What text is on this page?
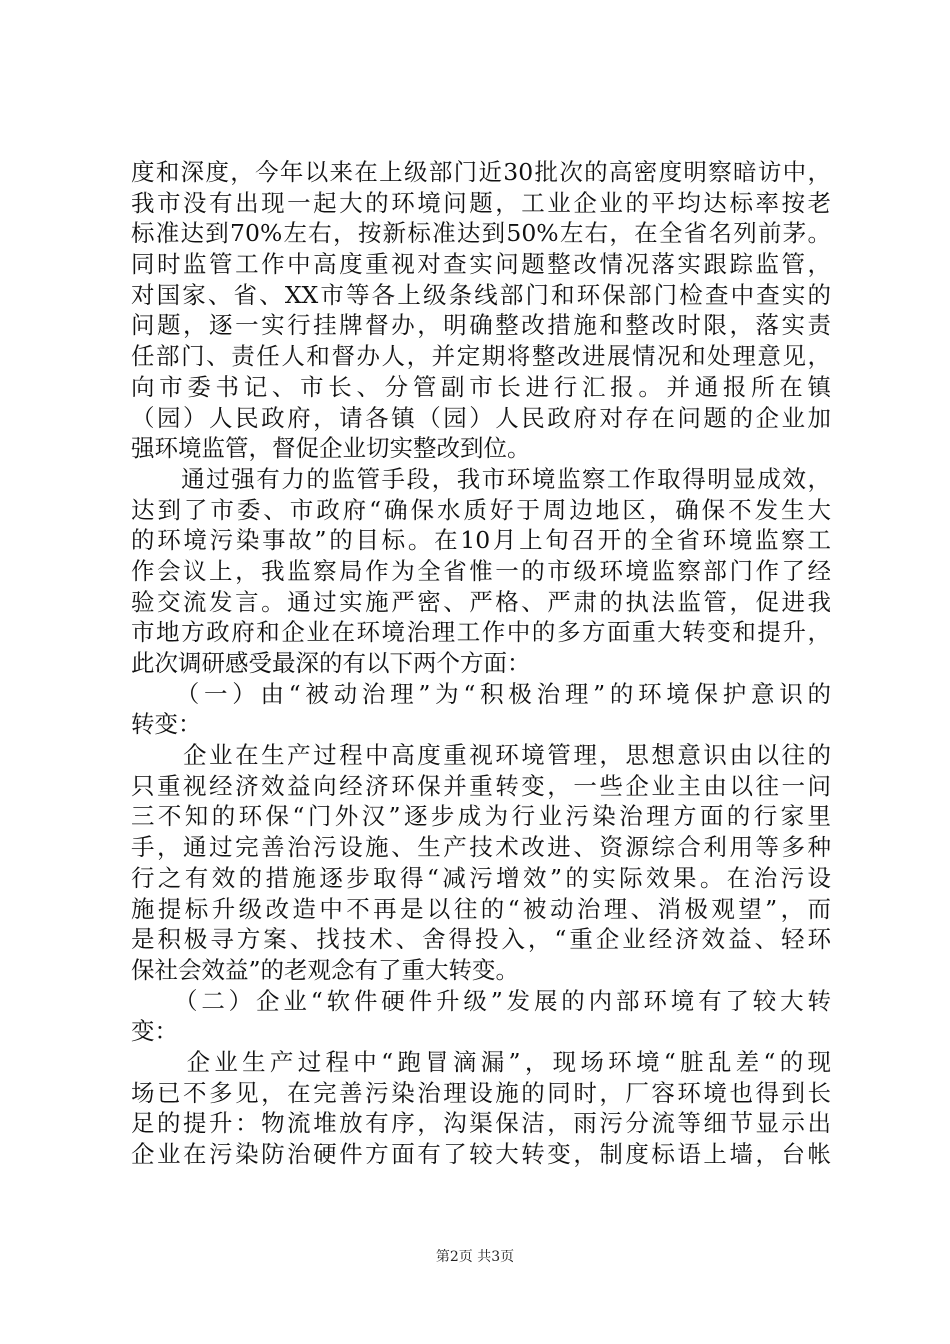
度和深度，今年以来在上级部门近30批次的高密度明察暗访中，
我市没有出现一起大的环境问题，工业企业的平均达标率按老
标准达到70%左右，按新标准达到50%左右，在全省名列前茅。
同时监管工作中高度重视对查实问题整改情况落实跟踪监管，
对国家、省、XX市等各上级条线部门和环保部门检查中查实的
问题，逐一实行挂牌督办，明确整改措施和整改时限，落实责
任部门、责任人和督办人，并定期将整改进展情况和处理意见，
向市委书记、市长、分管副市长进行汇报。并通报所在镇
（园）人民政府，请各镇（园）人民政府对存在问题的企业加
强环境监管，督促企业切实整改到位。
　　通过强有力的监管手段，我市环境监察工作取得明显成效，
达到了市委、市政府“确保水质好于周边地区，确保不发生大
的环境污染事故”的目标。在10月上旬召开的全省环境监察工
作会议上，我监察局作为全省惟一的市级环境监察部门作了经
验交流发言。通过实施严密、严格、严肃的执法监管，促进我
市地方政府和企业在环境治理工作中的多方面重大转变和提升，
此次调研感受最深的有以下两个方面：
　　（一）由“被动治理”为“积极治理”的环境保护意识的
转变：
　　企业在生产过程中高度重视环境管理，思想意识由以往的
只重视经济效益向经济环保并重转变，一些企业主由以往一问
三不知的环保“门外汉”逐步成为行业污染治理方面的行家里
手，通过完善治污设施、生产技术改进、资源综合利用等多种
行之有效的措施逐步取得“减污增效”的实际效果。在治污设
施提标升级改造中不再是以往的“被动治理、消极观望”，而
是积极寻方案、找技术、舍得投入，“重企业经济效益、轻环
保社会效益”的老观念有了重大转变。
　　（二）企业“软件硬件升级”发展的内部环境有了较大转
变：
　　企业生产过程中“跑冒滴漏”，现场环境“脏乱差“的现
场已不多见，在完善污染治理设施的同时，厂容环境也得到长
足的提升：物流堆放有序，沟渠保洁，雨污分流等细节显示出
企业在污染防治硬件方面有了较大转变，制度标语上墙，台帐
第2页 共3页
